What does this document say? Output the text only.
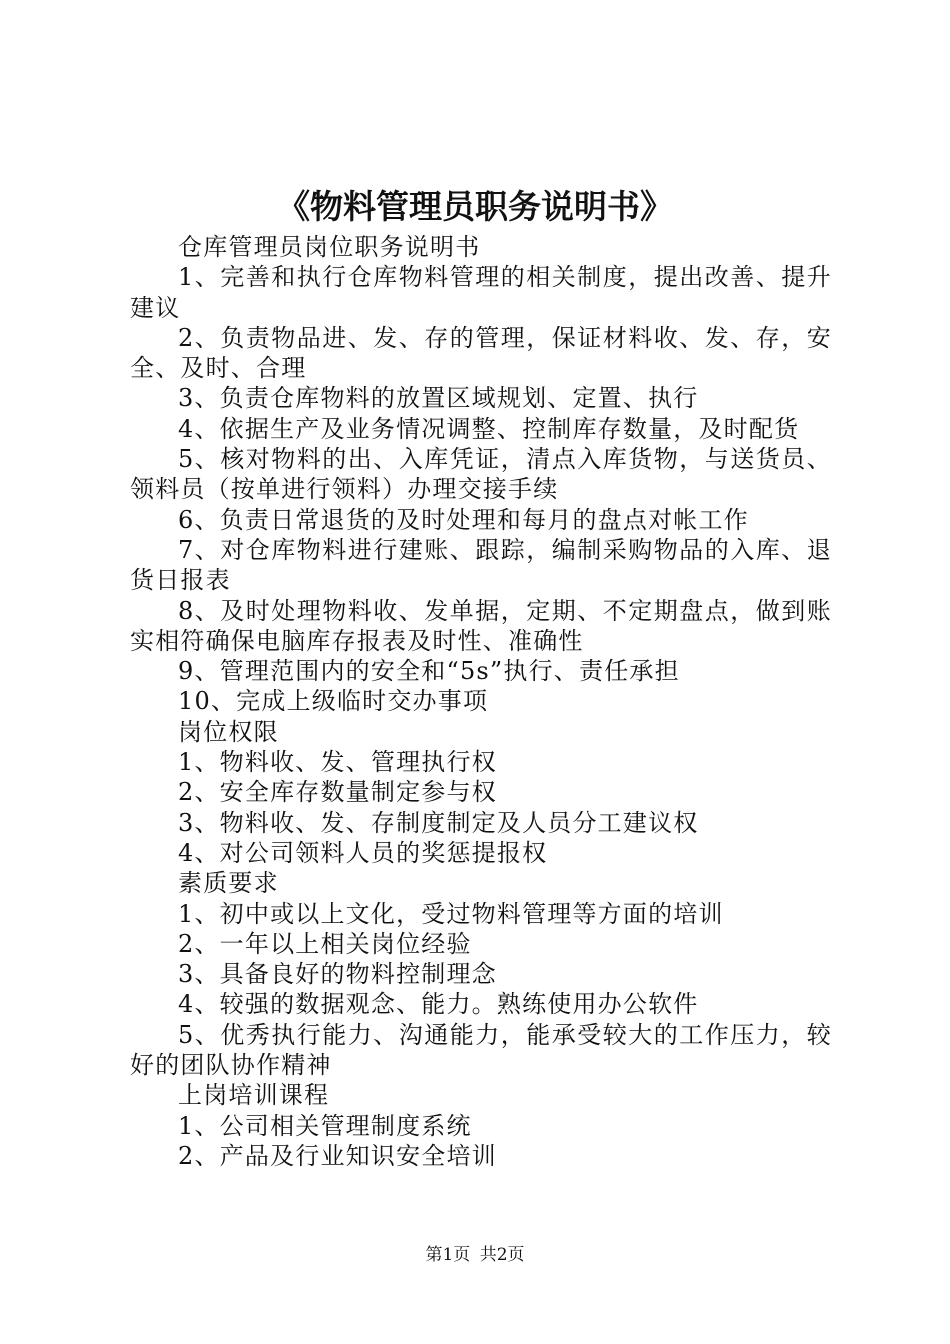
《物料管理员职务说明书》

仓库管理员岗位职务说明书

1、完善和执行仓库物料管理的相关制度，提出改善、提升建议

2、负责物品进、发、存的管理，保证材料收、发、存，安全、及时、合理

3、负责仓库物料的放置区域规划、定置、执行

4、依据生产及业务情况调整、控制库存数量，及时配货

5、核对物料的出、入库凭证，清点入库货物，与送货员、领料员（按单进行领料）办理交接手续

6、负责日常退货的及时处理和每月的盘点对帐工作

7、对仓库物料进行建账、跟踪，编制采购物品的入库、退货日报表

8、及时处理物料收、发单据，定期、不定期盘点，做到账实相符确保电脑库存报表及时性、准确性

9、管理范围内的安全和“5s”执行、责任承担

10、完成上级临时交办事项

岗位权限

1、物料收、发、管理执行权

2、安全库存数量制定参与权

3、物料收、发、存制度制定及人员分工建议权

4、对公司领料人员的奖惩提报权

素质要求

1、初中或以上文化，受过物料管理等方面的培训

2、一年以上相关岗位经验

3、具备良好的物料控制理念

4、较强的数据观念、能力。熟练使用办公软件

5、优秀执行能力、沟通能力，能承受较大的工作压力，较好的团队协作精神

上岗培训课程

1、公司相关管理制度系统

2、产品及行业知识安全培训

第1页 共2页
